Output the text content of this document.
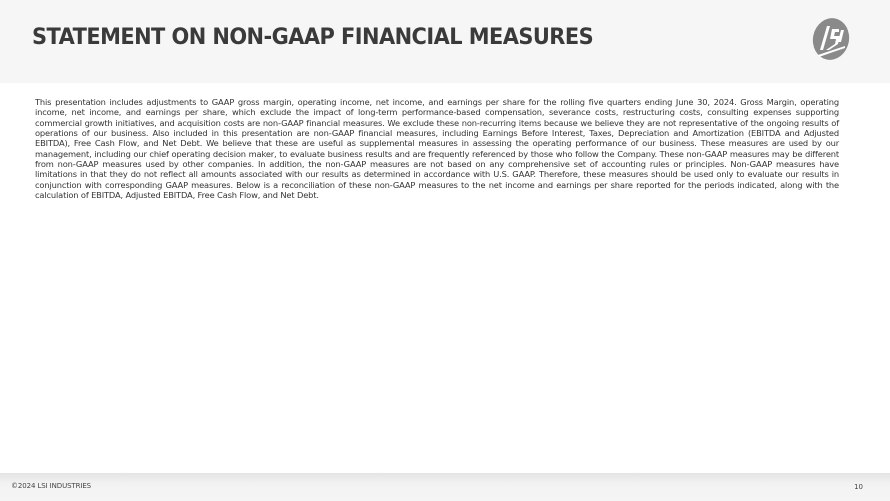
STATEMENT ON NON-GAAP FINANCIAL MEASURES

This presentation includes adjustments to GAAP gross margin, operating income, net income, and earnings per share for the rolling five quarters ending June 30, 2024. Gross Margin, operating income, net income, and earnings per share, which exclude the impact of long-term performance-based compensation, severance costs, restructuring costs, consulting expenses supporting commercial growth initiatives, and acquisition costs are non-GAAP financial measures. We exclude these non-recurring items because we believe they are not representative of the ongoing results of operations of our business. Also included in this presentation are non-GAAP financial measures, including Earnings Before Interest, Taxes, Depreciation and Amortization (EBITDA and Adjusted EBITDA), Free Cash Flow, and Net Debt. We believe that these are useful as supplemental measures in assessing the operating performance of our business. These measures are used by our management, including our chief operating decision maker, to evaluate business results and are frequently referenced by those who follow the Company. These non-GAAP measures may be different from non-GAAP measures used by other companies. In addition, the non-GAAP measures are not based on any comprehensive set of accounting rules or principles. Non-GAAP measures have limitations in that they do not reflect all amounts associated with our results as determined in accordance with U.S. GAAP. Therefore, these measures should be used only to evaluate our results in conjunction with corresponding GAAP measures. Below is a reconciliation of these non-GAAP measures to the net income and earnings per share reported for the periods indicated, along with the calculation of EBITDA, Adjusted EBITDA, Free Cash Flow, and Net Debt.

©2024 LSI INDUSTRIES	10
